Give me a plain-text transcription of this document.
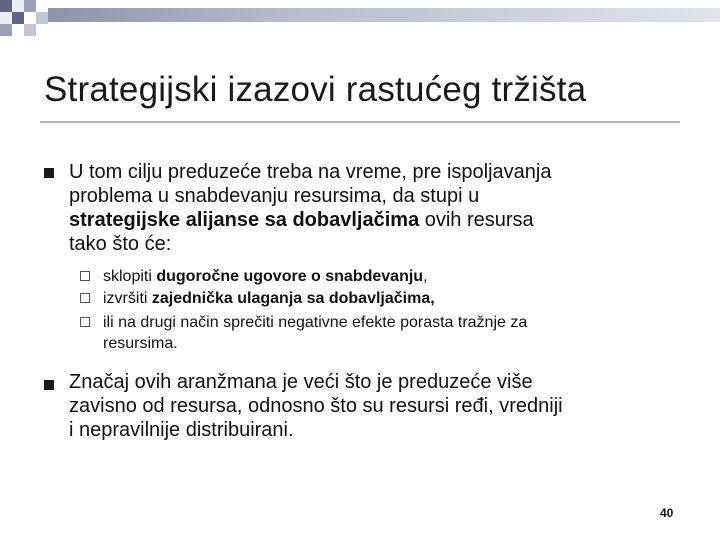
Strategijski izazovi rastućeg tržišta
U tom cilju preduzeće treba na vreme, pre ispoljavanja
problema u snabdevanju resursima, da stupi u
strategijske alijanse sa dobavljačima ovih resursa
tako što će:
sklopiti dugoročne ugovore o snabdevanju,
izvršiti zajednička ulaganja sa dobavljačima,
ili na drugi način sprečiti negativne efekte porasta tražnje za
resursima.
Značaj ovih aranžmana je veći što je preduzeće više
zavisno od resursa, odnosno što su resursi ređi, vredniji
i nepravilnije distribuirani.
40
